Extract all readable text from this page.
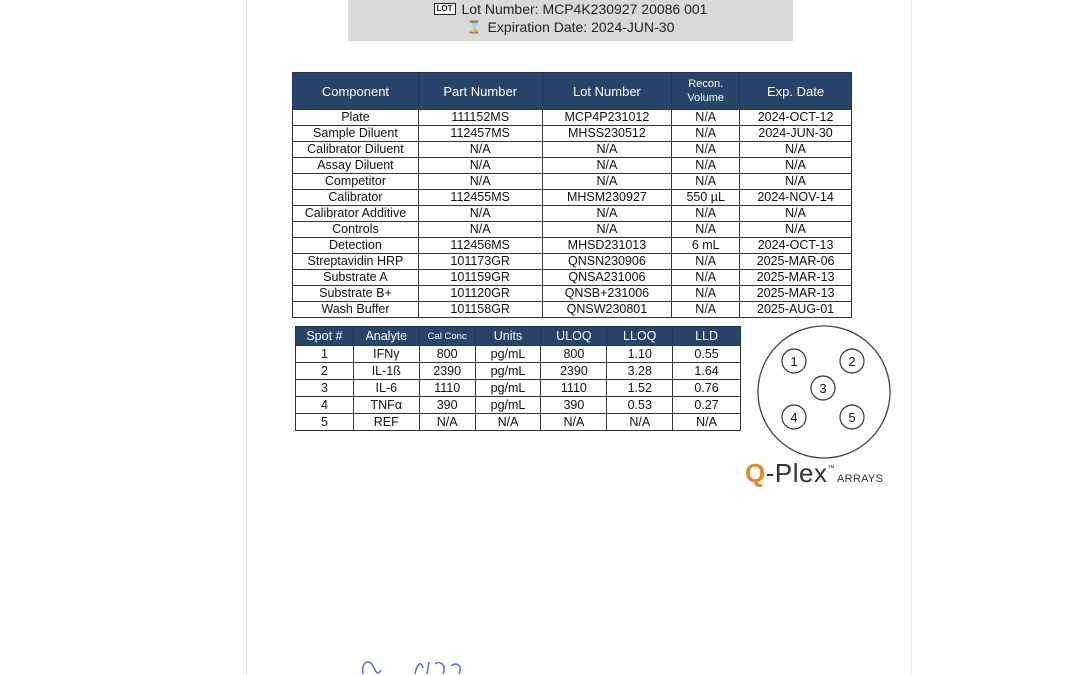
LOT Lot Number: MCP4K230927 20086 001
⌛ Expiration Date: 2024-JUN-30
Component	Part Number	Lot Number	Recon. Volume	Exp. Date
Plate	111152MS	MCP4P231012	N/A	2024-OCT-12
Sample Diluent	112457MS	MHSS230512	N/A	2024-JUN-30
Calibrator Diluent	N/A	N/A	N/A	N/A
Assay Diluent	N/A	N/A	N/A	N/A
Competitor	N/A	N/A	N/A	N/A
Calibrator	112455MS	MHSM230927	550 µL	2024-NOV-14
Calibrator Additive	N/A	N/A	N/A	N/A
Controls	N/A	N/A	N/A	N/A
Detection	112456MS	MHSD231013	6 mL	2024-OCT-13
Streptavidin HRP	101173GR	QNSN230906	N/A	2025-MAR-06
Substrate A	101159GR	QNSA231006	N/A	2025-MAR-13
Substrate B+	101120GR	QNSB+231006	N/A	2025-MAR-13
Wash Buffer	101158GR	QNSW230801	N/A	2025-AUG-01
Spot #	Analyte	Cal Conc	Units	ULOQ	LLOQ	LLD
1	IFNγ	800	pg/mL	800	1.10	0.55
2	IL-1ß	2390	pg/mL	2390	3.28	1.64
3	IL-6	1110	pg/mL	1110	1.52	0.76
4	TNFα	390	pg/mL	390	0.53	0.27
5	REF	N/A	N/A	N/A	N/A	N/A
1	2
3
4	5
Q -Plex ™
ARRAYS
